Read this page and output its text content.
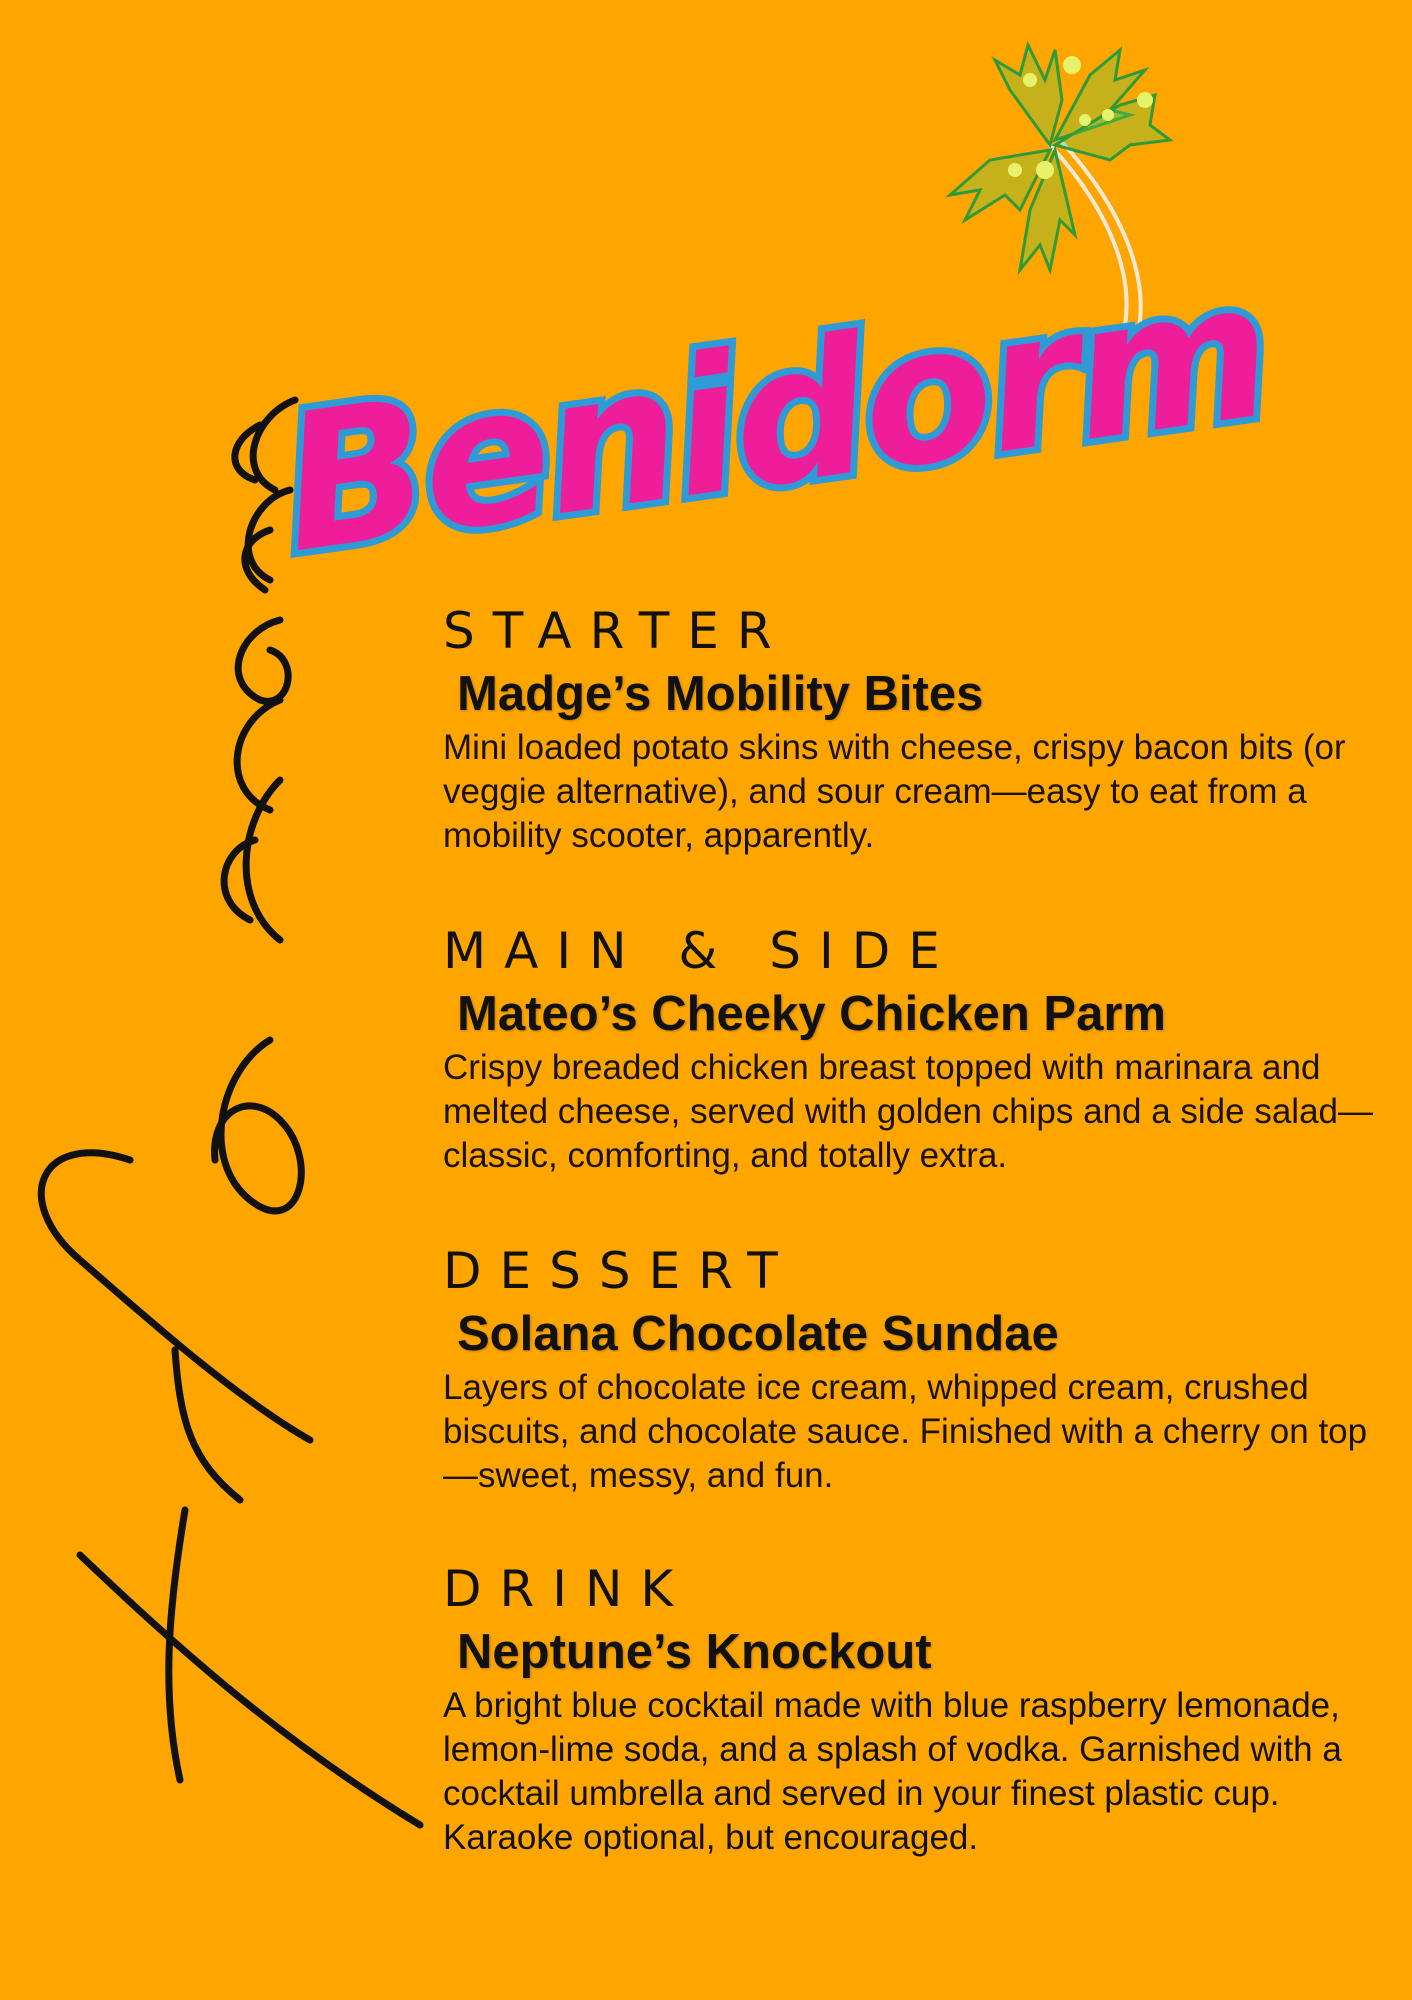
Benidorm
STARTER
Madge’s Mobility Bites

Mini loaded potato skins with cheese, crispy bacon bits (or veggie alternative), and sour cream—easy to eat from a mobility scooter, apparently.

MAIN & SIDE
Mateo’s Cheeky Chicken Parm

Crispy breaded chicken breast topped with marinara and melted cheese, served with golden chips and a side salad—classic, comforting, and totally extra.

DESSERT
Solana Chocolate Sundae

Layers of chocolate ice cream, whipped cream, crushed biscuits, and chocolate sauce. Finished with a cherry on top—sweet, messy, and fun.

DRINK
Neptune’s Knockout

A bright blue cocktail made with blue raspberry lemonade, lemon-lime soda, and a splash of vodka. Garnished with a cocktail umbrella and served in your finest plastic cup. Karaoke optional, but encouraged.
